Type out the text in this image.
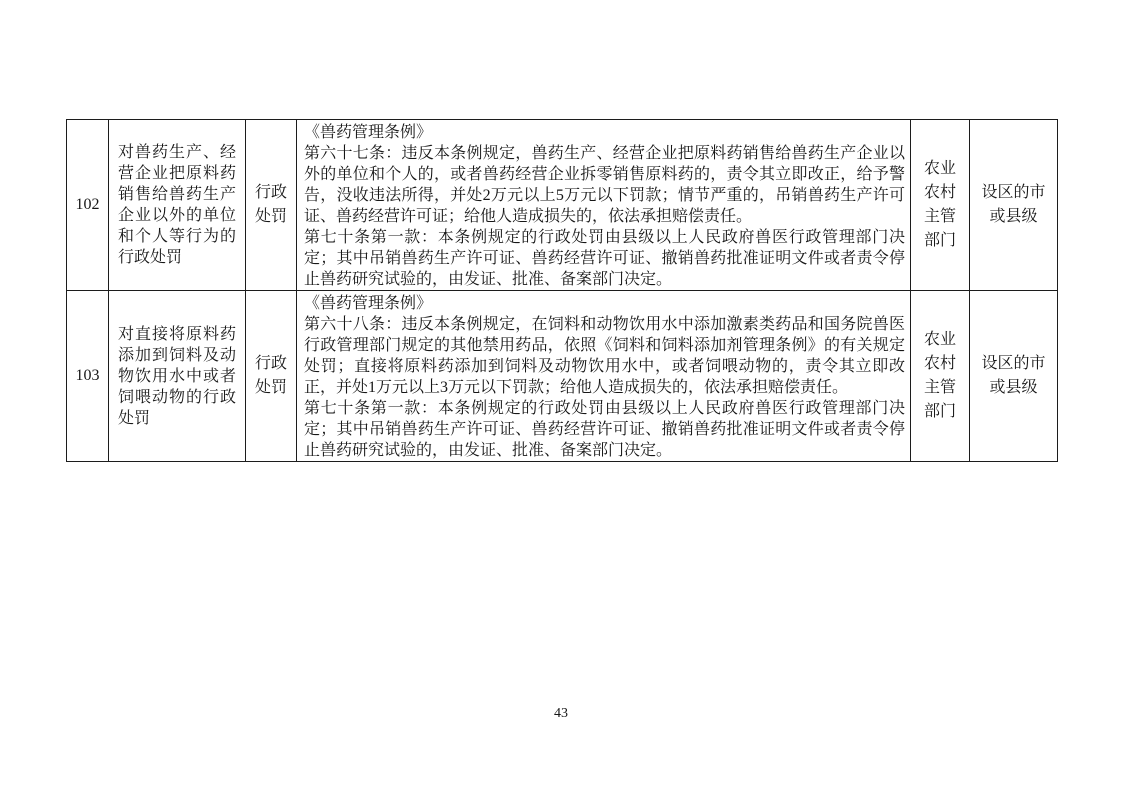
102	对兽药生产、经营企业把原料药销售给兽药生产企业以外的单位和个人等行为的行政处罚	行政处罚	《兽药管理条例》
第六十七条：违反本条例规定，兽药生产、经营企业把原料药销售给兽药生产企业以外的单位和个人的，或者兽药经营企业拆零销售原料药的，责令其立即改正，给予警告，没收违法所得，并处2万元以上5万元以下罚款；情节严重的，吊销兽药生产许可证、兽药经营许可证；给他人造成损失的，依法承担赔偿责任。
第七十条第一款：本条例规定的行政处罚由县级以上人民政府兽医行政管理部门决定；其中吊销兽药生产许可证、兽药经营许可证、撤销兽药批准证明文件或者责令停止兽药研究试验的，由发证、批准、备案部门决定。	农业农村主管部门	设区的市或县级

103	对直接将原料药添加到饲料及动物饮用水中或者饲喂动物的行政处罚	行政处罚	《兽药管理条例》
第六十八条：违反本条例规定，在饲料和动物饮用水中添加激素类药品和国务院兽医行政管理部门规定的其他禁用药品，依照《饲料和饲料添加剂管理条例》的有关规定处罚；直接将原料药添加到饲料及动物饮用水中，或者饲喂动物的，责令其立即改正，并处1万元以上3万元以下罚款；给他人造成损失的，依法承担赔偿责任。
第七十条第一款：本条例规定的行政处罚由县级以上人民政府兽医行政管理部门决定；其中吊销兽药生产许可证、兽药经营许可证、撤销兽药批准证明文件或者责令停止兽药研究试验的，由发证、批准、备案部门决定。	农业农村主管部门	设区的市或县级
43
